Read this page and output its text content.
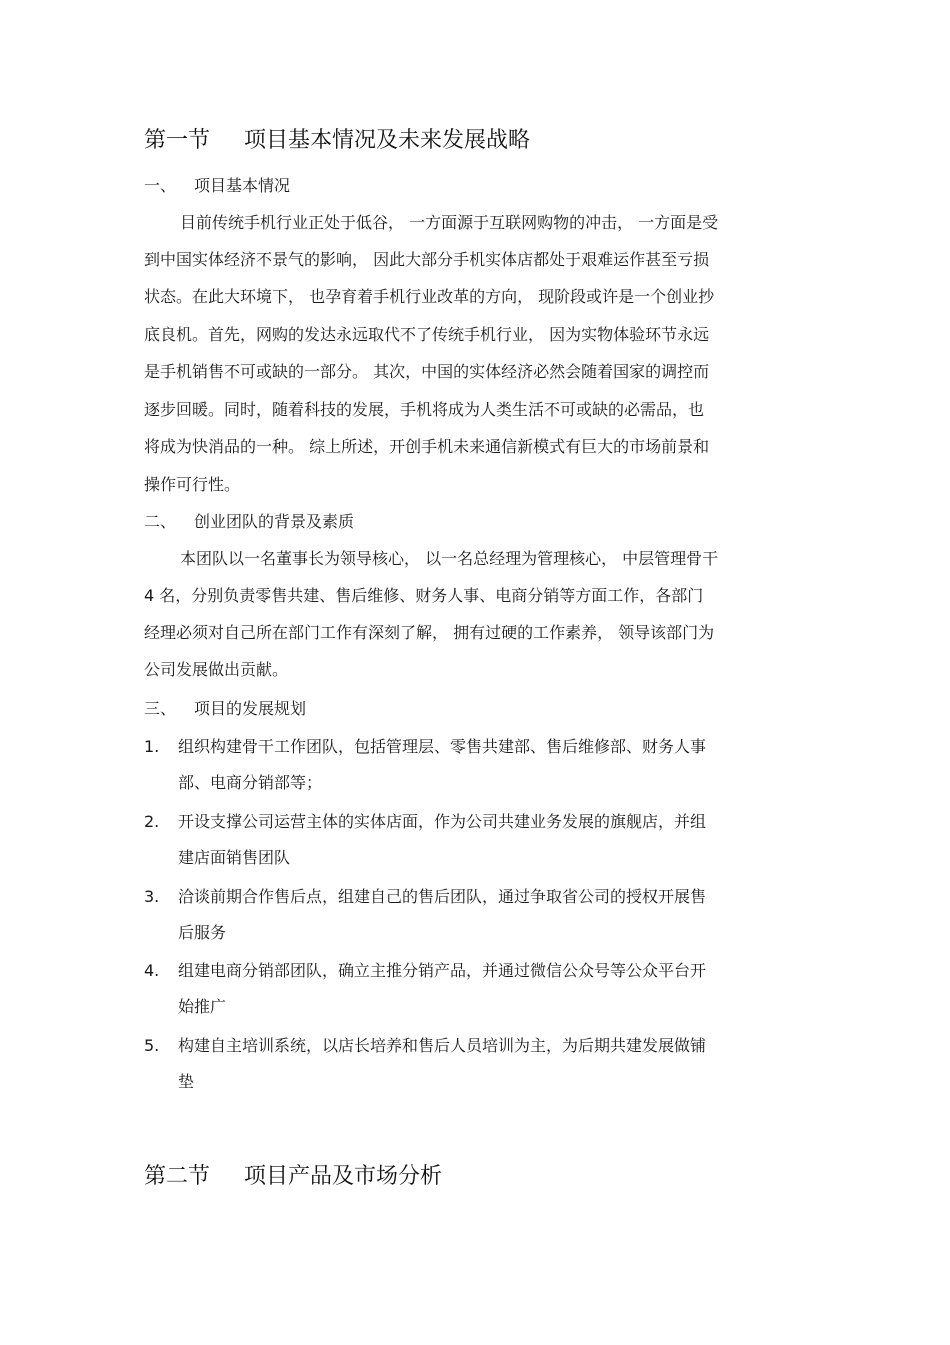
第一节 项目基本情况及未来发展战略
一、 项目基本情况
目前传统手机行业正处于低谷， 一方面源于互联网购物的冲击， 一方面是受
到中国实体经济不景气的影响， 因此大部分手机实体店都处于艰难运作甚至亏损
状态。在此大环境下， 也孕育着手机行业改革的方向， 现阶段或许是一个创业抄
底良机。首先，网购的发达永远取代不了传统手机行业， 因为实物体验环节永远
是手机销售不可或缺的一部分。 其次，中国的实体经济必然会随着国家的调控而
逐步回暖。同时，随着科技的发展，手机将成为人类生活不可或缺的必需品，也
将成为快消品的一种。 综上所述，开创手机未来通信新模式有巨大的市场前景和
操作可行性。
二、 创业团队的背景及素质
本团队以一名董事长为领导核心， 以一名总经理为管理核心， 中层管理骨干
4 名，分别负责零售共建、售后维修、财务人事、电商分销等方面工作，各部门
经理必须对自己所在部门工作有深刻了解， 拥有过硬的工作素养， 领导该部门为
公司发展做出贡献。
三、 项目的发展规划
1. 组织构建骨干工作团队，包括管理层、零售共建部、售后维修部、财务人事
部、电商分销部等；
2. 开设支撑公司运营主体的实体店面，作为公司共建业务发展的旗舰店，并组
建店面销售团队
3. 洽谈前期合作售后点，组建自己的售后团队，通过争取省公司的授权开展售
后服务
4. 组建电商分销部团队，确立主推分销产品，并通过微信公众号等公众平台开
始推广
5. 构建自主培训系统，以店长培养和售后人员培训为主，为后期共建发展做铺
垫
第二节 项目产品及市场分析
